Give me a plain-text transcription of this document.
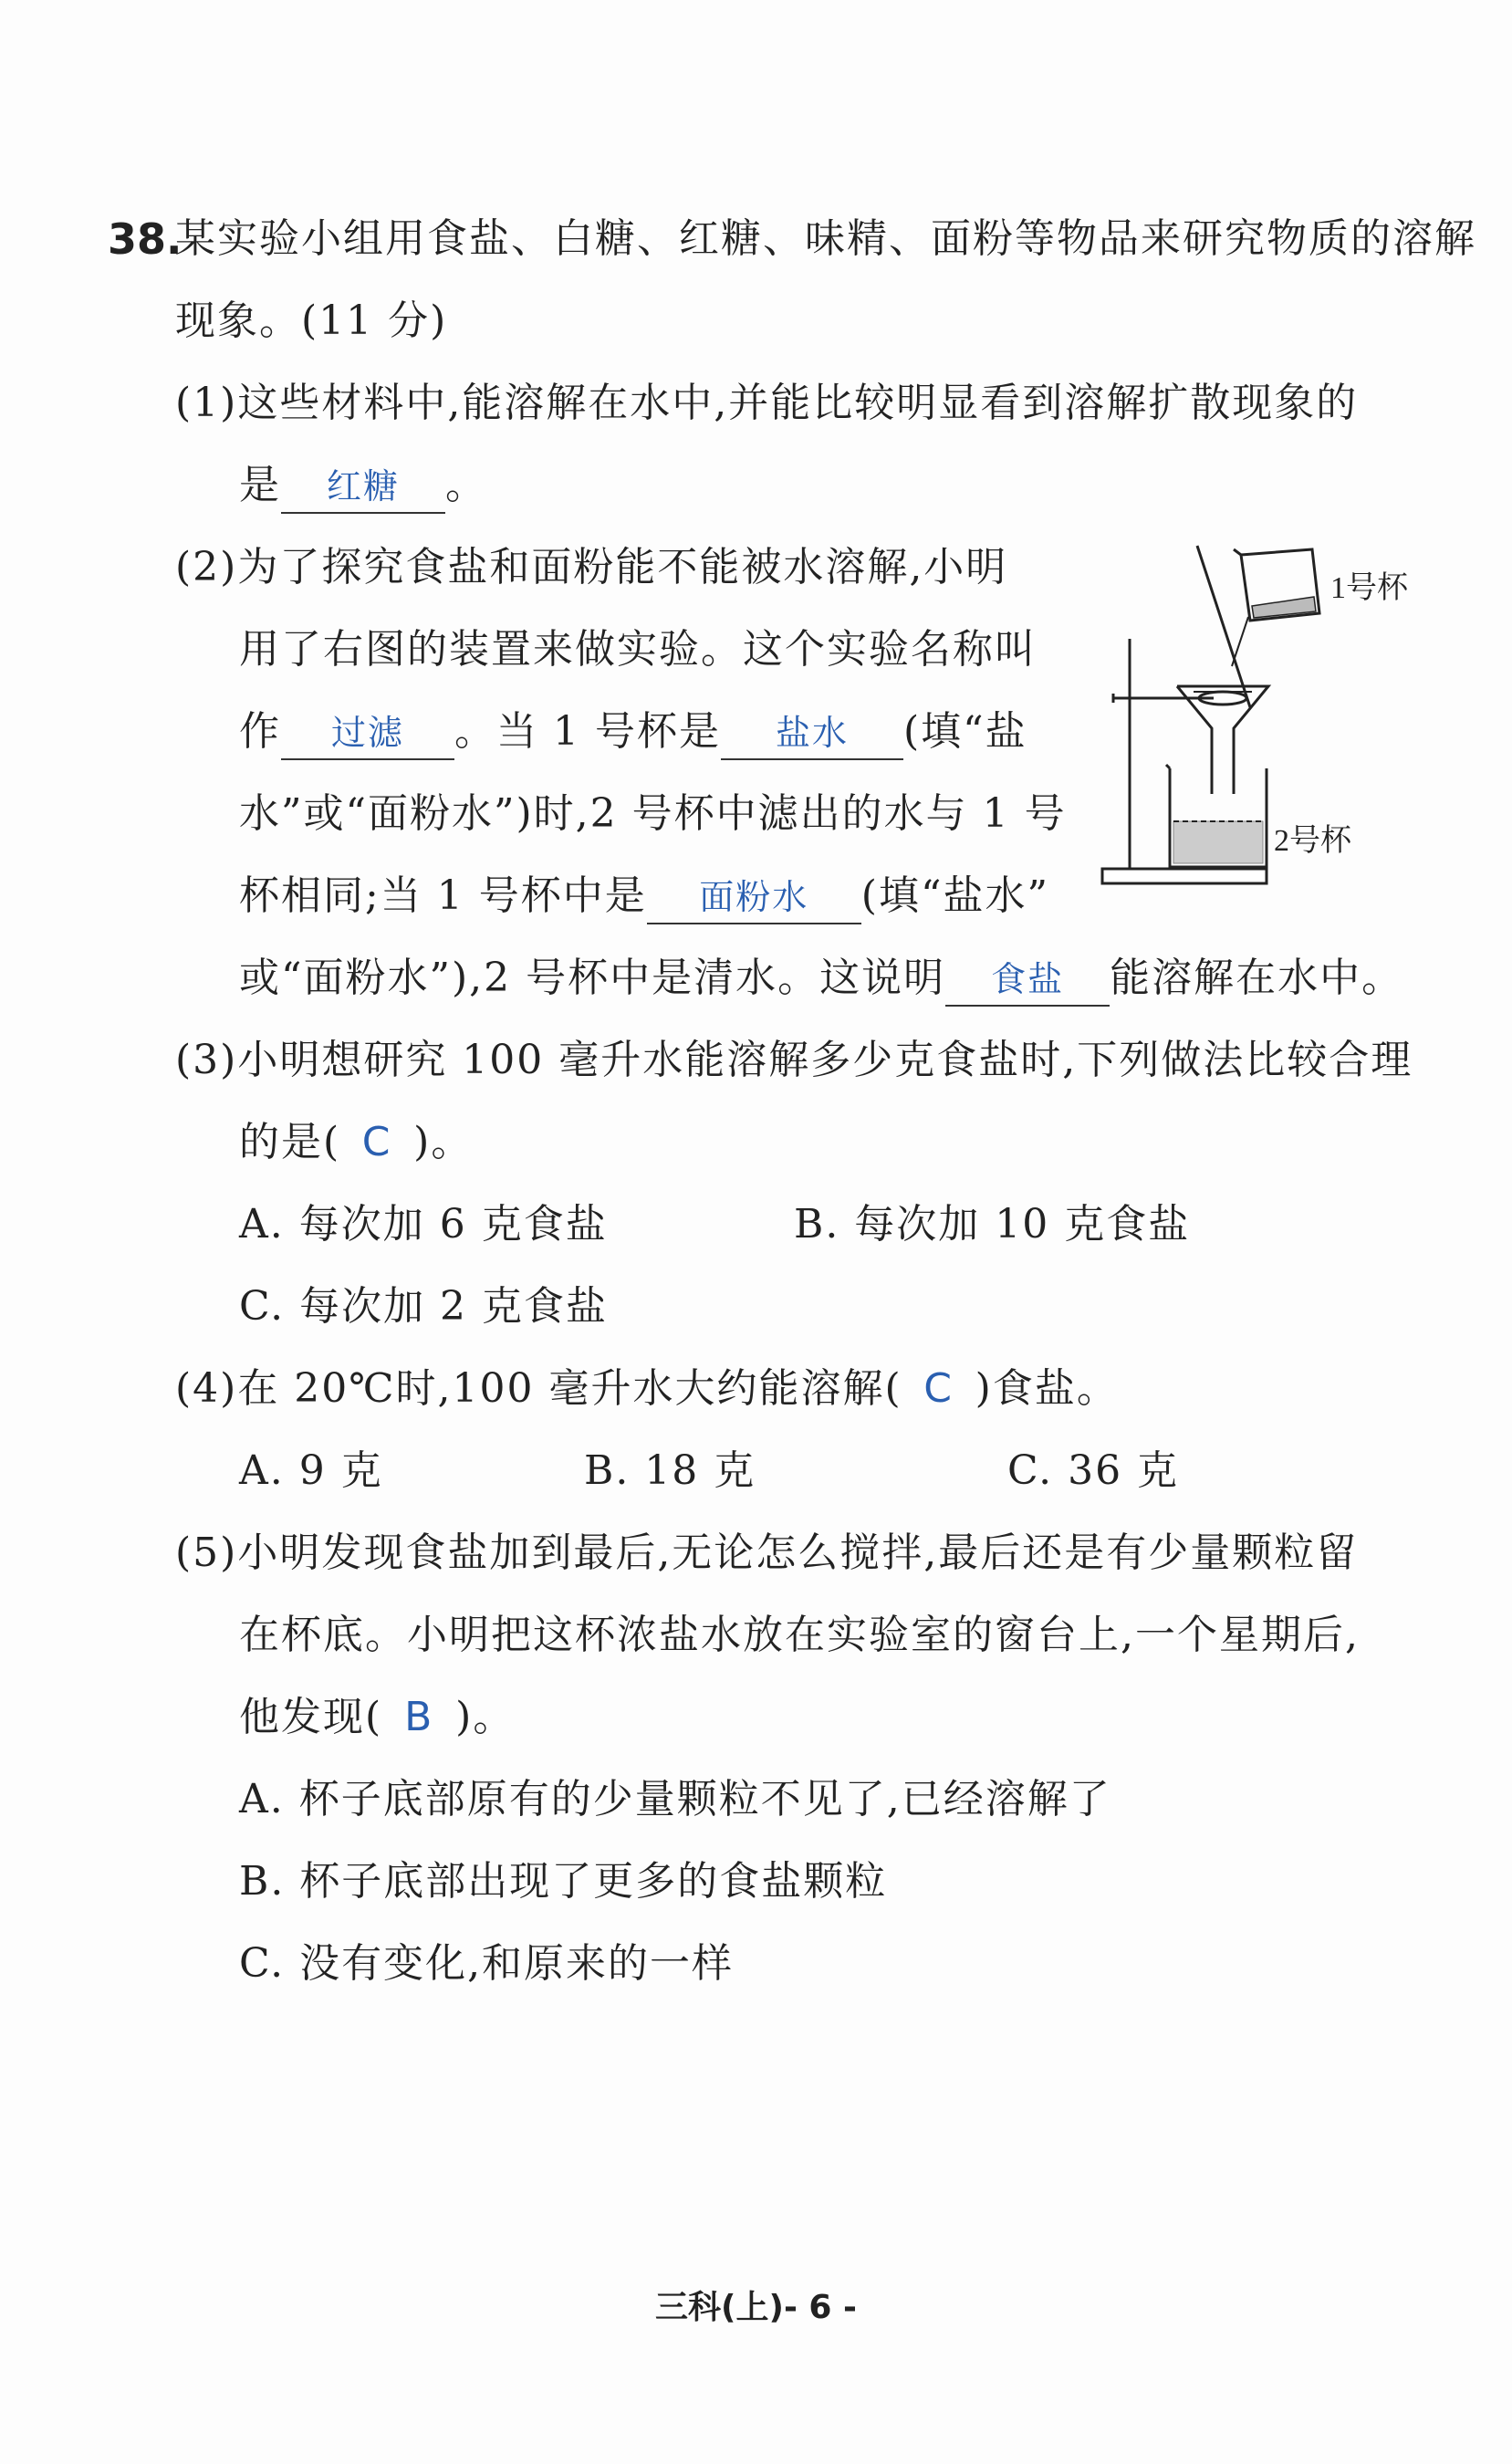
38.
某实验小组用食盐、白糖、红糖、味精、面粉等物品来研究物质的溶解
现象。(11 分)
(1)这些材料中,能溶解在水中,并能比较明显看到溶解扩散现象的
是 红糖 。
(2)为了探究食盐和面粉能不能被水溶解,小明
用了右图的装置来做实验。这个实验名称叫
作 过滤 。当 1 号杯是 盐水 (填“盐
水”或“面粉水”)时,2 号杯中滤出的水与 1 号
杯相同;当 1 号杯中是 面粉水 (填“盐水”
或“面粉水”),2 号杯中是清水。这说明 食盐 能溶解在水中。
1号杯
2号杯
(3)小明想研究 100 毫升水能溶解多少克食盐时,下列做法比较合理
的是( C )。
A. 每次加 6 克食盐	B. 每次加 10 克食盐
C. 每次加 2 克食盐
(4)在 20℃时,100 毫升水大约能溶解( C )食盐。
A. 9 克	B. 18 克	C. 36 克
(5)小明发现食盐加到最后,无论怎么搅拌,最后还是有少量颗粒留
在杯底。小明把这杯浓盐水放在实验室的窗台上,一个星期后,
他发现( B )。
A. 杯子底部原有的少量颗粒不见了,已经溶解了
B. 杯子底部出现了更多的食盐颗粒
C. 没有变化,和原来的一样
三科(上)- 6 -
